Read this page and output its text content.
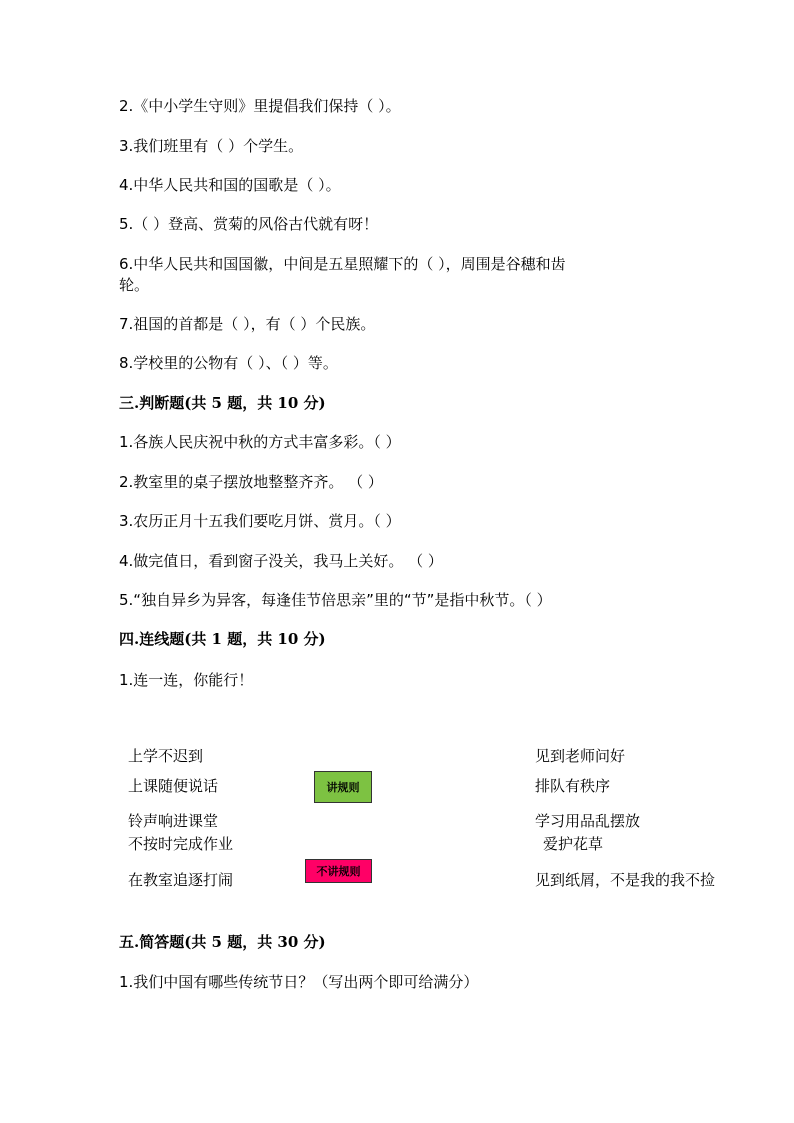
2.《中小学生守则》里提倡我们保持（ ）。
3.我们班里有（ ）个学生。
4.中华人民共和国的国歌是（ ）。
5.（ ）登高、赏菊的风俗古代就有呀！
6.中华人民共和国国徽，中间是五星照耀下的（ ），周围是谷穗和齿
轮。
7.祖国的首都是（ ），有（ ）个民族。
8.学校里的公物有（ ）、（ ）等。
三.判断题(共 5 题，共 10 分)
1.各族人民庆祝中秋的方式丰富多彩。（ ）
2.教室里的桌子摆放地整整齐齐。 （ ）
3.农历正月十五我们要吃月饼、赏月。（ ）
4.做完值日，看到窗子没关，我马上关好。 （ ）
5.“独自异乡为异客，每逢佳节倍思亲”里的“节”是指中秋节。（ ）
四.连线题(共 1 题，共 10 分)
1.连一连，你能行！
上学不迟到
上课随便说话
铃声响进课堂
不按时完成作业
在教室追逐打闹
讲规则
不讲规则
见到老师问好
排队有秩序
学习用品乱摆放
爱护花草
见到纸屑，不是我的我不捡
五.简答题(共 5 题，共 30 分)
1.我们中国有哪些传统节日？（写出两个即可给满分）
